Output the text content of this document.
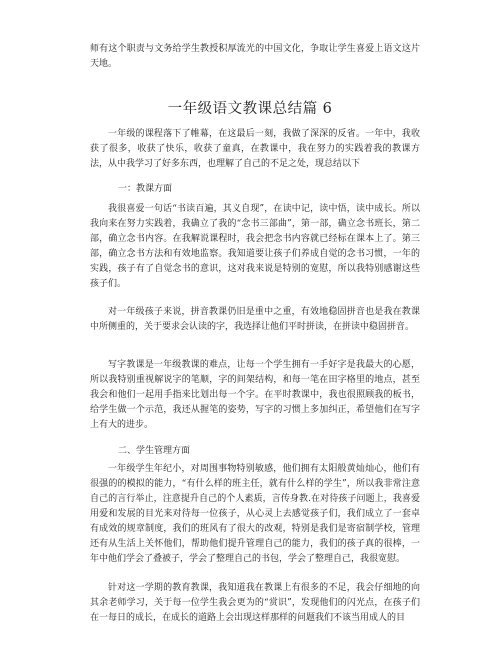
师有这个职责与文务给学生教授积厚流光的中国文化，争取让学生喜爱上语文这片天地。

一年级语文教课总结篇 6

一年级的课程落下了帷幕，在这最后一刻，我做了深深的反省。一年中，我收获了很多，收获了快乐，收获了童真，在教课中，我在努力的实践着我的教课方法，从中我学习了好多东西，也理解了自己的不足之处，现总结以下

一：教课方面

我很喜爱一句话“书读百遍，其义自现”，在读中记，读中悟，读中成长。所以我向来在努力实践着，我确立了我的“念书三部曲”，第一部，确立念书班长，第二部，确立念书内容。在我解说课程时，我会把念书内容就已经标在课本上了。第三部，确立念书方法和有效地监察。我知道要让孩子们养成自觉的念书习惯，一年的实践，孩子有了自觉念书的意识，这对我来说是特别的宽慰，所以我特别感谢这些孩子们。

对一年级孩子来说，拼音教课仍旧是重中之重，有效地稳固拼音也是我在教课中所侧重的，关于要求会认读的字，我选择让他们平时拼读，在拼读中稳固拼音。

写字教课是一年级教课的难点，让每一个学生拥有一手好字是我最大的心愿，所以我特别重视解说字的笔顺，字的间架结构，和每一笔在田字格里的地点，甚至我会和他们一起用手指来比划出每一个字。在平时教课中，我也很照顾我的板书，给学生做一个示范，我还从握笔的姿势，写字的习惯上多加纠正，希望他们在写字上有大的进步。

二、学生管理方面

一年级学生年纪小，对周围事物特别敏感，他们拥有太阳般黄灿灿心，他们有很强的的模拟的能力，“有什么样的班主任，就有什么样的学生”，所以我非常注意自己的言行举止，注意提升自己的个人素质，言传身教.在对待孩子问题上，我喜爱用爱和发展的目光来对待每一位孩子，从心灵上去感觉孩子们，我们成立了一套卓有成效的规章制度，我们的班风有了很大的改观，特别是我们是寄宿制学校，管理还有从生活上关怀他们，帮助他们提升管理自己的能力，我们的孩子真的很棒，一年中他们学会了叠被子，学会了整理自己的书包，学会了整理自己，我很宽慰。

针对这一学期的教育教课，我知道我在教课上有很多的不足，我会仔细地的向其余老师学习，关于每一位学生我会更为的“赏识”，发现他们的闪光点，在孩子们在一每日的成长，在成长的道路上会出现这样那样的问题我们不该当用成人的目
